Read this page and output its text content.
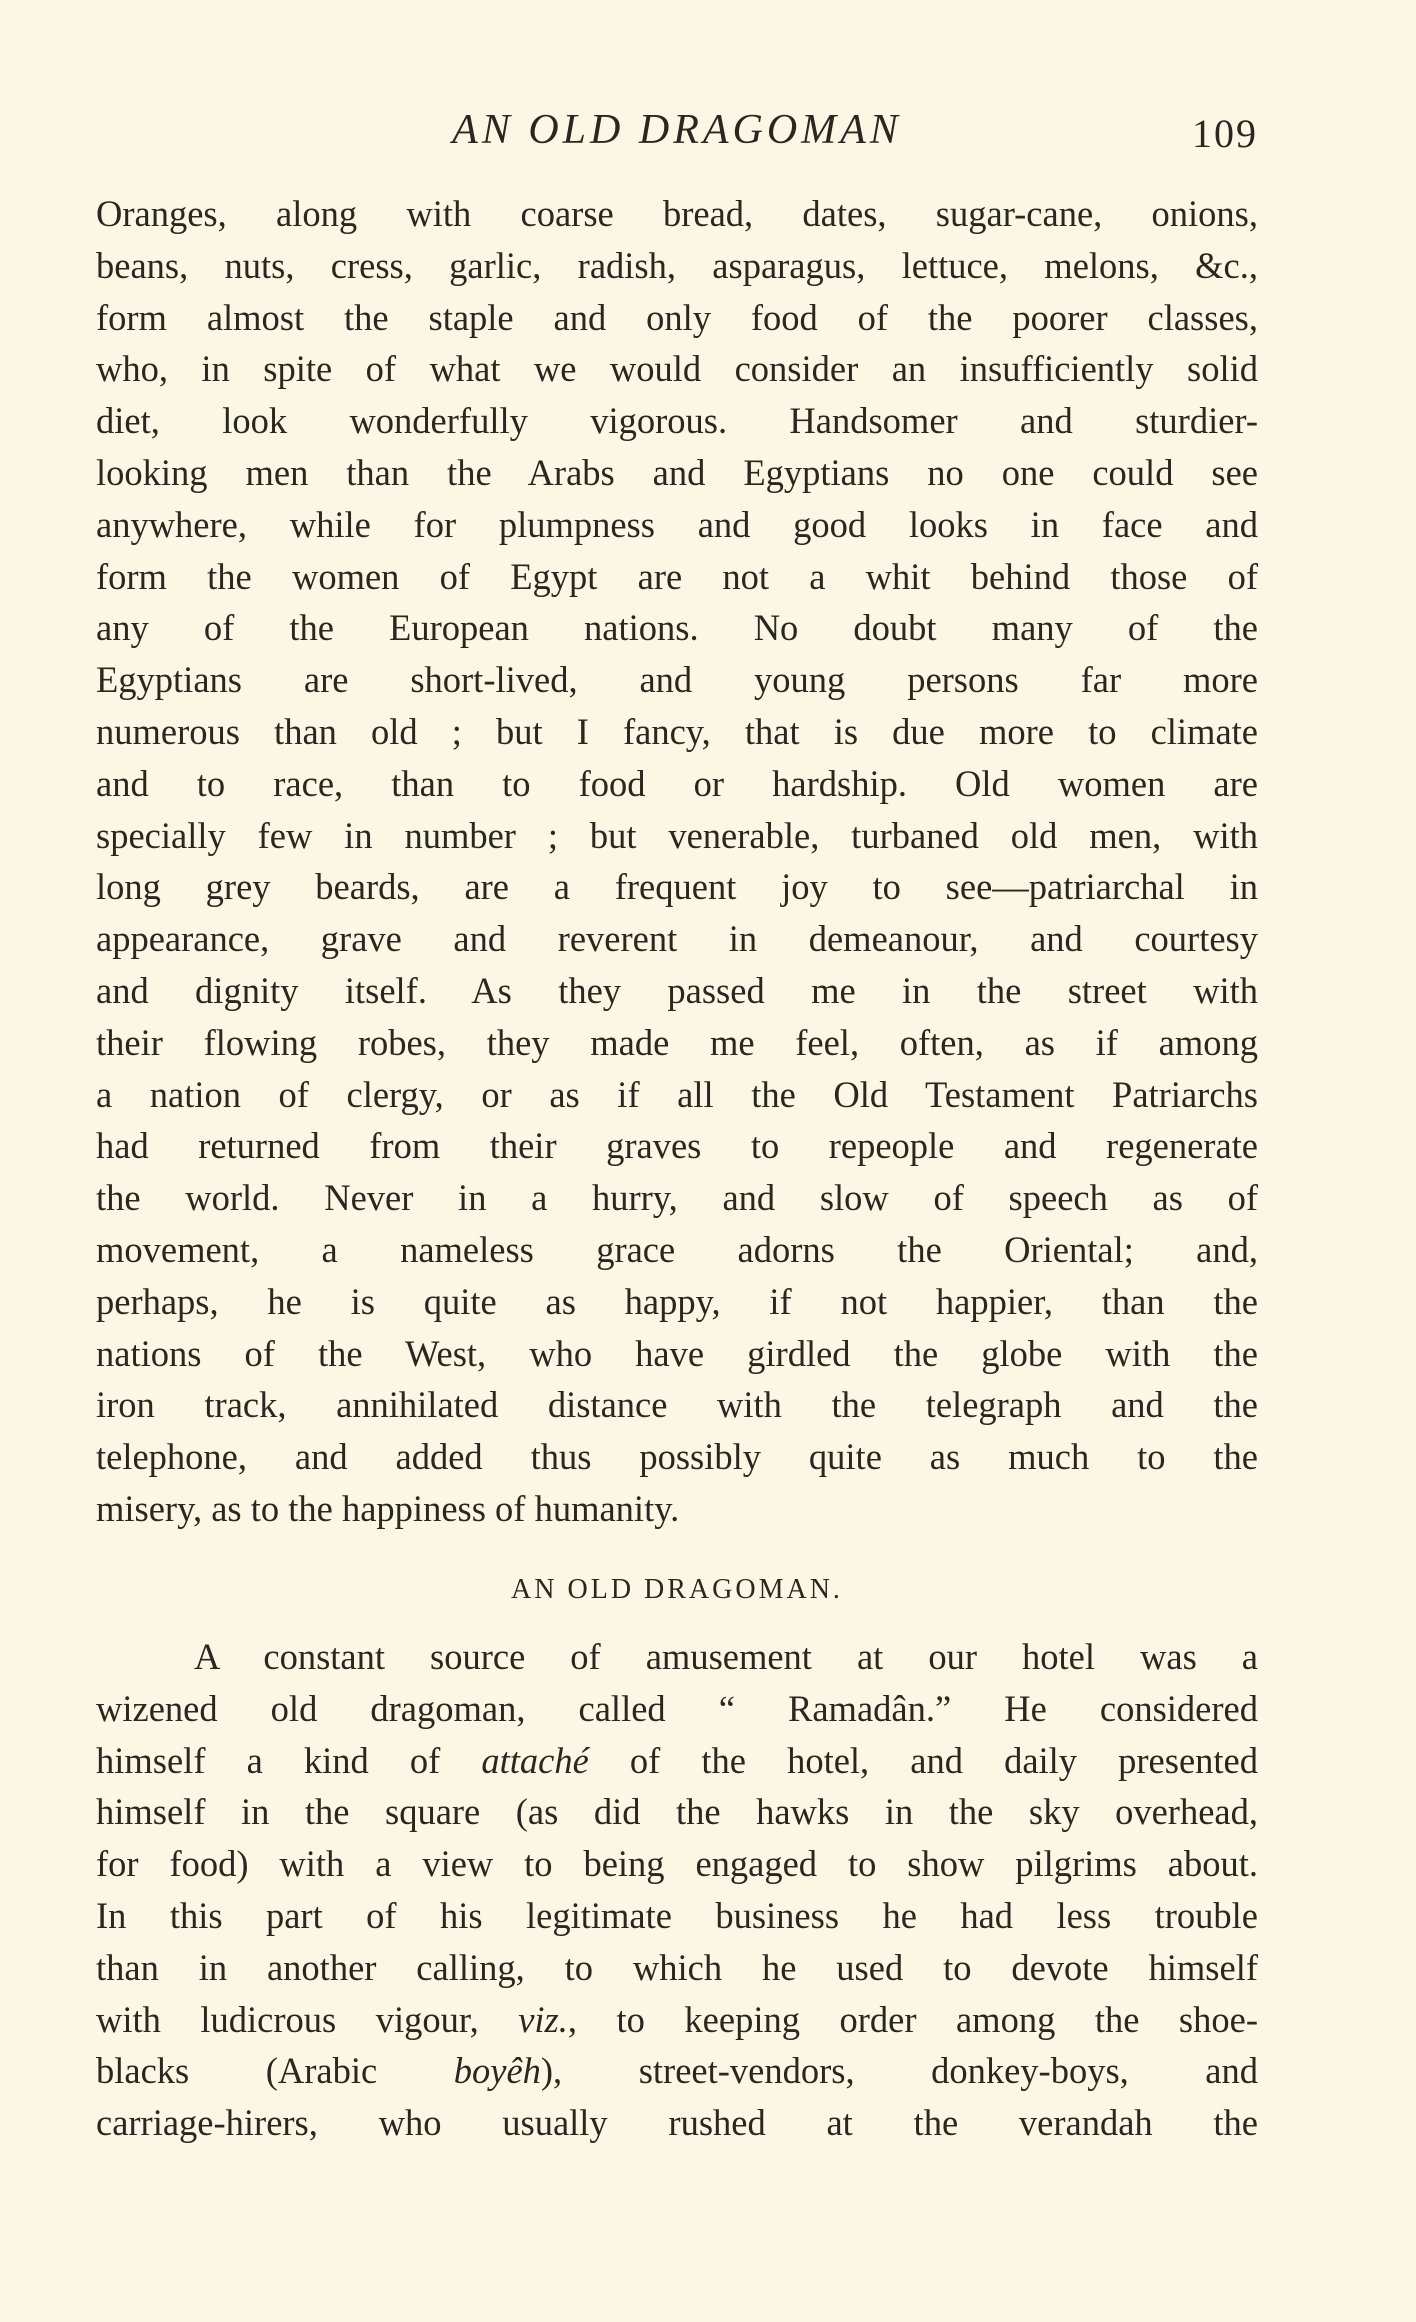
AN OLD DRAGOMAN	109
Oranges, along with coarse bread, dates, sugar-cane, onions,
beans, nuts, cress, garlic, radish, asparagus, lettuce, melons, &c.,
form almost the staple and only food of the poorer classes,
who, in spite of what we would consider an insufficiently solid
diet, look wonderfully vigorous. Handsomer and sturdier-
looking men than the Arabs and Egyptians no one could see
anywhere, while for plumpness and good looks in face and
form the women of Egypt are not a whit behind those of
any of the European nations. No doubt many of the
Egyptians are short-lived, and young persons far more
numerous than old ; but I fancy, that is due more to climate
and to race, than to food or hardship. Old women are
specially few in number ; but venerable, turbaned old men, with
long grey beards, are a frequent joy to see—patriarchal in
appearance, grave and reverent in demeanour, and courtesy
and dignity itself. As they passed me in the street with
their flowing robes, they made me feel, often, as if among
a nation of clergy, or as if all the Old Testament Patriarchs
had returned from their graves to repeople and regenerate
the world. Never in a hurry, and slow of speech as of
movement, a nameless grace adorns the Oriental; and,
perhaps, he is quite as happy, if not happier, than the
nations of the West, who have girdled the globe with the
iron track, annihilated distance with the telegraph and the
telephone, and added thus possibly quite as much to the
misery, as to the happiness of humanity.
AN OLD DRAGOMAN.
A constant source of amusement at our hotel was a
wizened old dragoman, called “ Ramadân.” He considered
himself a kind of attaché of the hotel, and daily presented
himself in the square (as did the hawks in the sky overhead,
for food) with a view to being engaged to show pilgrims about.
In this part of his legitimate business he had less trouble
than in another calling, to which he used to devote himself
with ludicrous vigour, viz., to keeping order among the shoe-
blacks (Arabic boyêh), street-vendors, donkey-boys, and
carriage-hirers, who usually rushed at the verandah the
